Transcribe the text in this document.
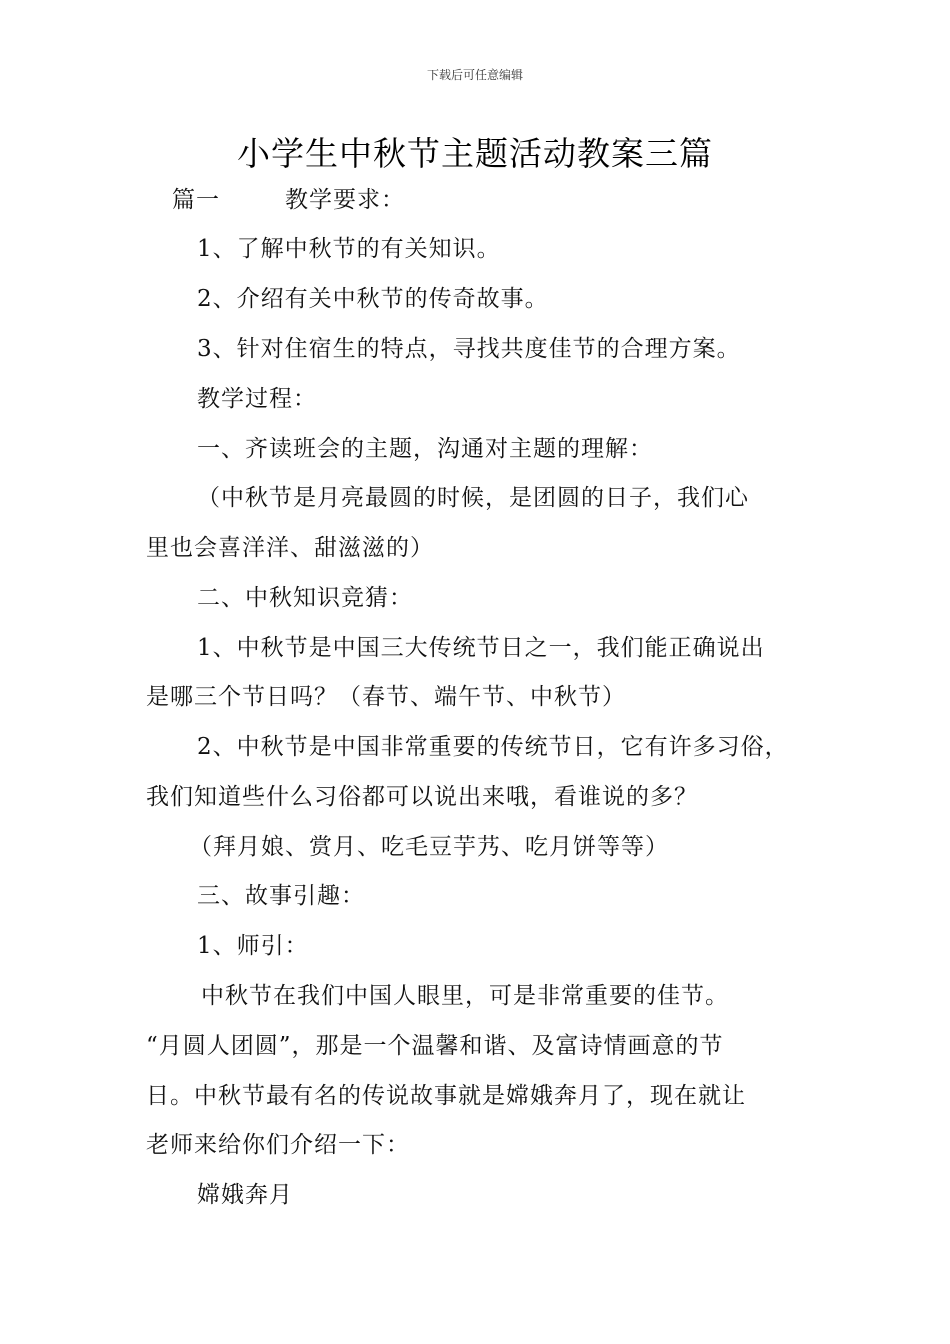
下载后可任意编辑
小学生中秋节主题活动教案三篇
篇一	教学要求：
1、了解中秋节的有关知识。
2、介绍有关中秋节的传奇故事。
3、针对住宿生的特点，寻找共度佳节的合理方案。
教学过程：
一、齐读班会的主题，沟通对主题的理解：
（中秋节是月亮最圆的时候，是团圆的日子，我们心
里也会喜洋洋、甜滋滋的）
二、中秋知识竞猜：
1、中秋节是中国三大传统节日之一，我们能正确说出
是哪三个节日吗？（春节、端午节、中秋节）
2、中秋节是中国非常重要的传统节日，它有许多习俗，
我们知道些什么习俗都可以说出来哦，看谁说的多？
（拜月娘、赏月、吃毛豆芋艿、吃月饼等等）
三、故事引趣：
1、师引：
中秋节在我们中国人眼里，可是非常重要的佳节。
“月圆人团圆”，那是一个温馨和谐、及富诗情画意的节
日。中秋节最有名的传说故事就是嫦娥奔月了，现在就让
老师来给你们介绍一下：
嫦娥奔月
